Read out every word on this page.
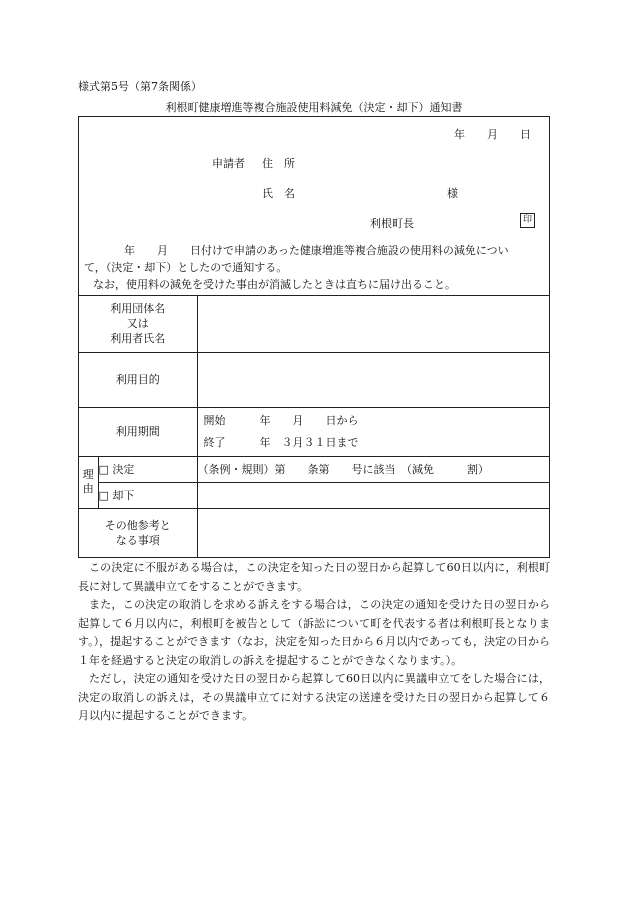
様式第5号（第7条関係）
利根町健康増進等複合施設使用料減免（決定・却下）通知書
年　　月　　日
申請者 住　所
氏　名	様
利根町長	印

年　　月　　日付けで申請のあった健康増進等複合施設の使用料の減免につい

て，（決定・却下）としたので通知する。

なお，使用料の減免を受けた事由が消滅したときは直ちに届け出ること。

利用団体名
又は
利用者氏名		

利用目的		
利用期間		開始 年　　月　　日から
終了 年　３月３１日まで

理
由	□ 決定	（条例・規則）第　　条第　　号に該当　（減免　　　割）
	□ 却下	

その他参考と
なる事項		

この決定に不服がある場合は，この決定を知った日の翌日から起算して60日以内に，利根町長に対して異議申立てをすることができます。

また，この決定の取消しを求める訴えをする場合は，この決定の通知を受けた日の翌日から起算して６月以内に，利根町を被告として（訴訟について町を代表する者は利根町長となります。），提起することができます（なお，決定を知った日から６月以内であっても，決定の日から１年を経過すると決定の取消しの訴えを提起することができなくなります。）。

ただし，決定の通知を受けた日の翌日から起算して60日以内に異議申立てをした場合には，決定の取消しの訴えは，その異議申立てに対する決定の送達を受けた日の翌日から起算して６月以内に提起することができます。
